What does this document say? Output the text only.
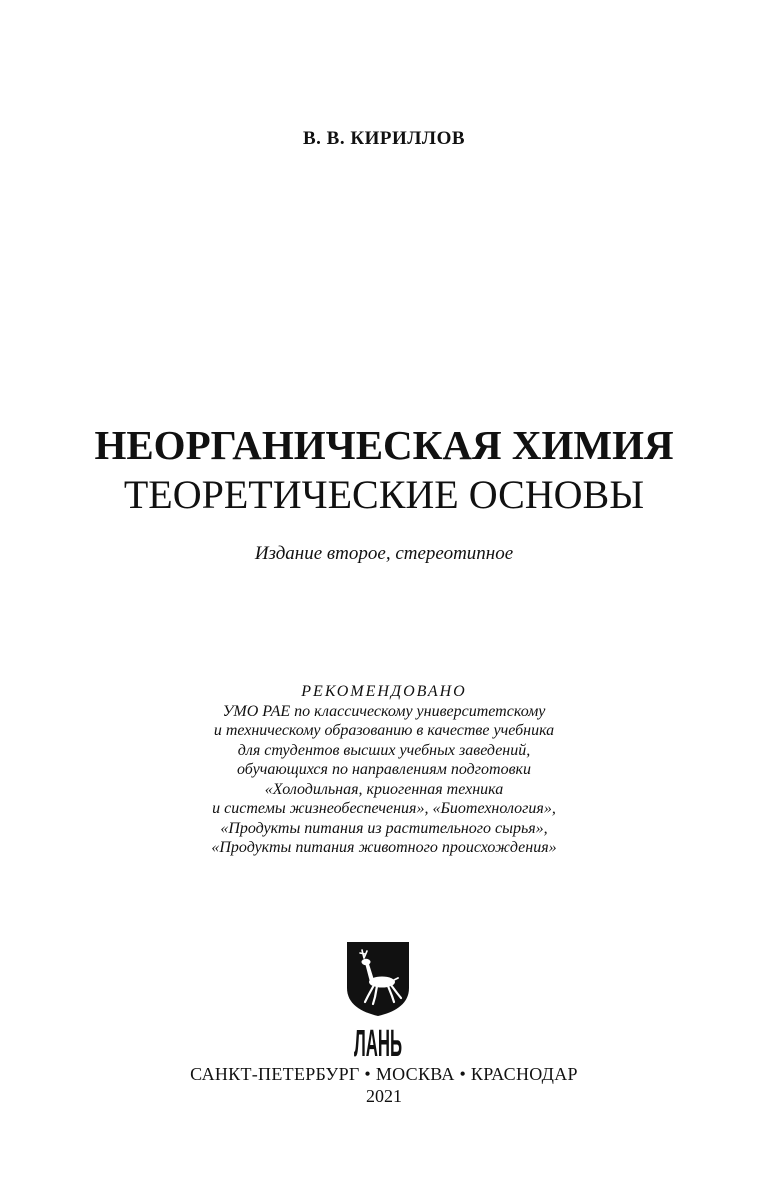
В. В. КИРИЛЛОВ
НЕОРГАНИЧЕСКАЯ ХИМИЯ
ТЕОРЕТИЧЕСКИЕ ОСНОВЫ
Издание второе, стереотипное
РЕКОМЕНДОВАНО
УМО РАЕ по классическому университетскому
и техническому образованию в качестве учебника
для студентов высших учебных заведений,
обучающихся по направлениям подготовки
«Холодильная, криогенная техника
и системы жизнеобеспечения», «Биотехнология»,
«Продукты питания из растительного сырья»,
«Продукты питания животного происхождения»
ЛАНЬ
САНКТ-ПЕТЕРБУРГ • МОСКВА • КРАСНОДАР
2021
